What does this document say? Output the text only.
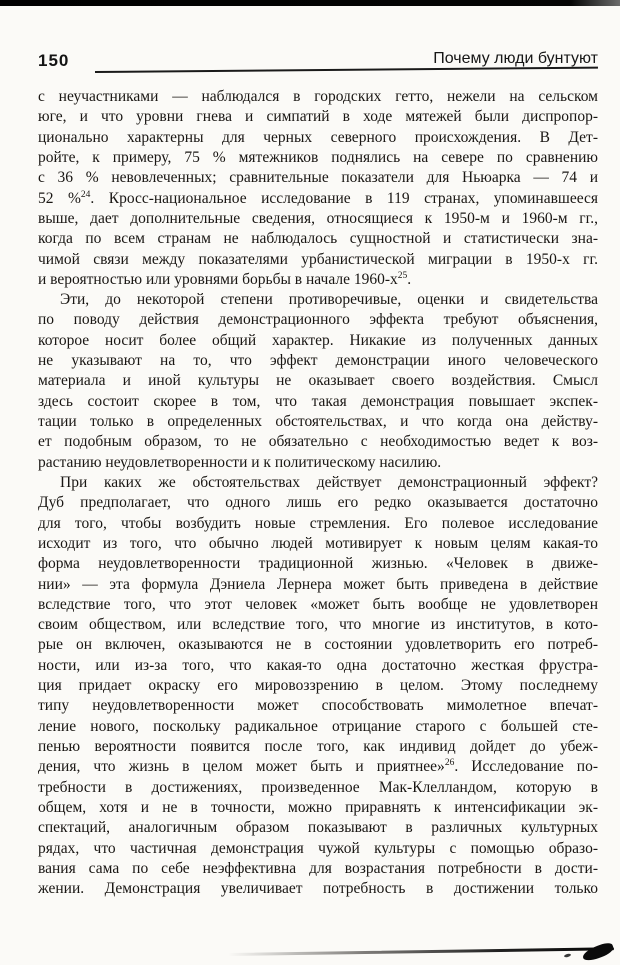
150	Почему люди бунтуют
с неучастниками — наблюдался в городских гетто, нежели на сельском
юге, и что уровни гнева и симпатий в ходе мятежей были диспропор-
ционально характерны для черных северного происхождения. В Дет-
ройте, к примеру, 75 % мятежников поднялись на севере по сравнению
с 36 % невовлеченных; сравнительные показатели для Ньюарка — 74 и
52 %$^{24}$. Кросс-национальное исследование в 119 странах, упоминавшееся
выше, дает дополнительные сведения, относящиеся к 1950-м и 1960-м гг.,
когда по всем странам не наблюдалось сущностной и статистически зна-
чимой связи между показателями урбанистической миграции в 1950-х гг.
и вероятностью или уровнями борьбы в начале 1960-х$^{25}$.
Эти, до некоторой степени противоречивые, оценки и свидетельства
по поводу действия демонстрационного эффекта требуют объяснения,
которое носит более общий характер. Никакие из полученных данных
не указывают на то, что эффект демонстрации иного человеческого
материала и иной культуры не оказывает своего воздействия. Смысл
здесь состоит скорее в том, что такая демонстрация повышает экспек-
тации только в определенных обстоятельствах, и что когда она действу-
ет подобным образом, то не обязательно с необходимостью ведет к воз-
растанию неудовлетворенности и к политическому насилию.
При каких же обстоятельствах действует демонстрационный эффект?
Дуб предполагает, что одного лишь его редко оказывается достаточно
для того, чтобы возбудить новые стремления. Его полевое исследование
исходит из того, что обычно людей мотивирует к новым целям какая-то
форма неудовлетворенности традиционной жизнью. «Человек в движе-
нии» — эта формула Дэниела Лернера может быть приведена в действие
вследствие того, что этот человек «может быть вообще не удовлетворен
своим обществом, или вследствие того, что многие из институтов, в кото-
рые он включен, оказываются не в состоянии удовлетворить его потреб-
ности, или из-за того, что какая-то одна достаточно жесткая фрустра-
ция придает окраску его мировоззрению в целом. Этому последнему
типу неудовлетворенности может способствовать мимолетное впечат-
ление нового, поскольку радикальное отрицание старого с большей сте-
пенью вероятности появится после того, как индивид дойдет до убеж-
дения, что жизнь в целом может быть и приятнее»$^{26}$. Исследование по-
требности в достижениях, произведенное Мак-Клелландом, которую в
общем, хотя и не в точности, можно приравнять к интенсификации эк-
спектаций, аналогичным образом показывают в различных культурных
рядах, что частичная демонстрация чужой культуры с помощью образо-
вания сама по себе неэффективна для возрастания потребности в дости-
жении. Демонстрация увеличивает потребность в достижении только
